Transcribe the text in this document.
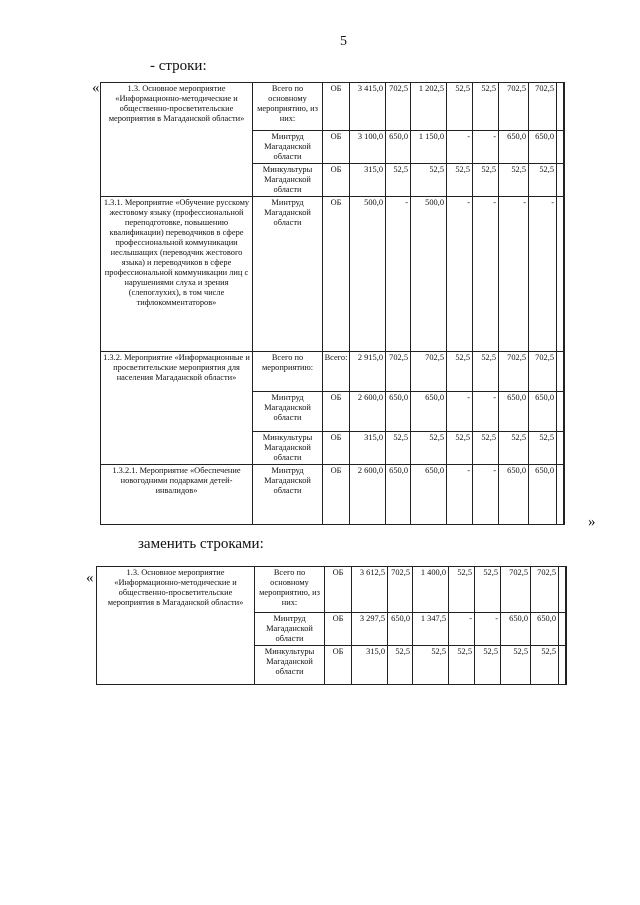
5
- строки:
«	1.3. Основное мероприятие «Информационно-методические и общественно-просветительские мероприятия в Магаданской области»	Всего по основному мероприятию, из них:	ОБ	3 415,0	702,5	1 202,5	52,5	52,5	702,5	702,5	
	Минтруд Магаданской области	ОБ	3 100,0	650,0	1 150,0	-	-	650,0	650,0	
	Минкультуры Магаданской области	ОБ	315,0	52,5	52,5	52,5	52,5	52,5	52,5	
1.3.1. Мероприятие «Обучение русскому жестовому языку (профессиональной переподготовке, повышению квалификации) переводчиков в сфере профессиональной коммуникации неслышащих (переводчик жестового языка) и переводчиков в сфере профессиональной коммуникации лиц с нарушениями слуха и зрения (слепоглухих), в том числе тифлокомментаторов»	Минтруд Магаданской области	ОБ	500,0	-	500,0	-	-	-	-	
1.3.2. Мероприятие «Информационные и просветительские мероприятия для населения Магаданской области»	Всего по мероприятию:	Всего:	2 915,0	702,5	702,5	52,5	52,5	702,5	702,5	
	Минтруд Магаданской области	ОБ	2 600,0	650,0	650,0	-	-	650,0	650,0	
	Минкультуры Магаданской области	ОБ	315,0	52,5	52,5	52,5	52,5	52,5	52,5	
1.3.2.1. Мероприятие «Обеспечение новогодними подарками детей-инвалидов»	Минтруд Магаданской области	ОБ	2 600,0	650,0	650,0	-	-	650,0	650,0	
»
заменить строками:
«	1.3. Основное мероприятие «Информационно-методические и общественно-просветительские мероприятия в Магаданской области»	Всего по основному мероприятию, из них:	ОБ	3 612,5	702,5	1 400,0	52,5	52,5	702,5	702,5	
	Минтруд Магаданской области	ОБ	3 297,5	650,0	1 347,5	-	-	650,0	650,0	
	Минкультуры Магаданской области	ОБ	315,0	52,5	52,5	52,5	52,5	52,5	52,5	
